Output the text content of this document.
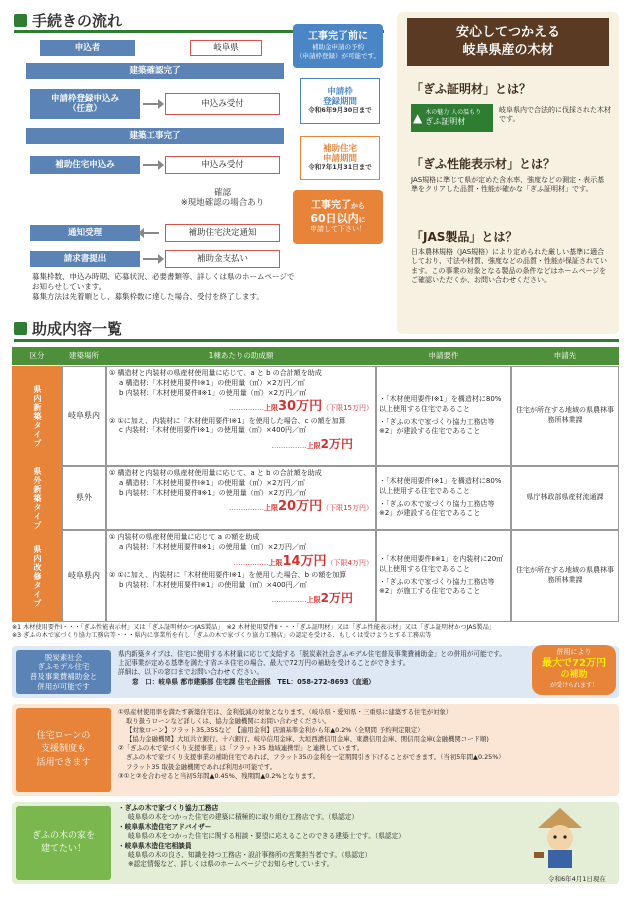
手続きの流れ
申込者	岐阜県
建築確認完了
申請枠登録申込み
（任意）
申込み受付
建築工事完了
補助住宅申込み	申込み受付
確認
※現地確認の場合あり
通知受理	補助住宅決定通知
請求書提出	補助金支払い
工事完了前に
補助金申請の予約
（申請枠登録）が可能です。
申請枠
登録期間
令和6年9月30日まで
補助住宅
申請期間
令和7年1月31日まで
工事完了から
60日以内に
申請して下さい！
募集枠数、申込み時期、応募状況、必要書類等、詳しくは県のホームページで
お知らせしています。
募集方法は先着順とし、募集枠数に達した場合、受付を終了します。
安心してつかえる
岐阜県産の木材
「ぎふ証明材」とは？
▲ 木の魅力 人の温もり
ぎふ証明材
岐阜県内で合法的に伐採された木材です。
「ぎふ性能表示材」とは？
JAS規格に準じて県が定めた含水率、強度などの測定・表示基準をクリアした品質・性能が確かな「ぎふ証明材」です。
「JAS製品」とは？
日本農林規格（JAS規格）により定められた厳しい基準に適合しており、寸法や材質、強度などの品質・性能が保証されています。この事業の対象となる製品の条件などはホームページをご確認いただくか、お問い合わせください。
助成内容一覧
区分	建築場所	1棟あたりの助成額	申請要件	申請先
県内新築タイプ	岐阜県内
① 構造材と内装材の県産材使用量に応じて、a と b の合計額を助成
a 構造材:「木材使用要件Ⅰ※1」の使用量（㎥）×2万円／㎥
b 内装材:「木材使用要件Ⅱ※1」の使用量（㎥）×2万円／㎥
……………上限30万円（下限15万円）
② ①に加え、内装材に「木材使用要件Ⅰ※1」を使用した場合、c の額を加算
c 内装材:「木材使用要件Ⅰ※1」の使用量（㎥）×400円／㎥
……………上限2万円
・「木材使用要件Ⅰ※1」を構造材に80%以上使用する住宅であること
・「ぎふの木で家づくり協力工務店等※2」が建設する住宅であること
住宅が所在する地域の県農林事務所林業課
県外新築タイプ	県外
① 構造材と内装材の県産材使用量に応じて、a と b の合計額を助成
a 構造材:「木材使用要件Ⅰ※1」の使用量（㎥）×2万円／㎥
b 内装材:「木材使用要件Ⅱ※1」の使用量（㎥）×2万円／㎥
……………上限20万円（下限15万円）
・「木材使用要件Ⅰ※1」を構造材に80%以上使用する住宅であること
・「ぎふの木で家づくり協力工務店等※2」が建設する住宅であること
県庁林政部県産材流通課
県内改修タイプ	岐阜県内
① 内装材の県産材使用量に応じて a の額を助成
a 内装材:「木材使用要件Ⅱ※1」の使用量（㎥）×2万円／㎥
……………上限14万円（下限4万円）
② ①に加え、内装材に「木材使用要件Ⅰ※1」を使用した場合、b の額を加算
b 内装材:「木材使用要件Ⅰ※1」の使用量（㎥）×400円／㎥
……………上限2万円
・「木材使用要件Ⅱ※1」を内装材に20㎡以上使用する住宅であること
・「ぎふの木で家づくり協力工務店等※2」が施工する住宅であること
住宅が所在する地域の県農林事務所林業課
※1 木材使用要件Ⅰ・・・「ぎふ性能表示材」又は「ぎふ証明材かつJAS製品」　※2 木材使用要件Ⅱ・・・「ぎふ証明材」又は「ぎふ性能表示材」又は「ぎふ証明材かつJAS製品」
※3 ぎふの木で家づくり協力工務店等・・・県内に事業所を有し「ぎふの木で家づくり協力工務店」の認定を受ける、もしくは受けようとする工務店等
脱炭素社会
ぎふモデル住宅
普及事業費補助金と
併用が可能です
県内新築タイプは、住宅に使用する木材量に応じて支給する「脱炭素社会ぎふモデル住宅普及事業費補助金」との併用が可能です。
上記事業が定める基準を満たす省エネ住宅の場合、最大で72万円の補助を受けることができます。
詳細は、以下の窓口までお問い合わせください。
窓　口：岐阜県 都市建築部 住宅課 住宅企画係　TEL：058-272-8693（直通）
併用により
最大で72万円
の補助
が受けられます！
住宅ローンの
支援制度も
活用できます
①県産材使用率を満たす新築住宅は、金利低減の対象となります。（岐阜県・愛知県・三重県に建築する住宅が対象）
取り扱うローンなど詳しくは、協力金融機関にお問い合わせください。
【対象ローン】フラット35,35Sなど　【適用金利】店頭基準金利から年▲0.2%（全期間 予約判定限定）
【協力金融機関】大垣共立銀行、十六銀行、岐阜信用金庫、大垣西濃信用金庫、東濃信用金庫、関信用金庫(金融機関コード順)
②「ぎふの木で家づくり支援事業」は「フラット35 地域連携型」と連携しています。
ぎふの木で家づくり支援事業の補助住宅であれば、フラット35の金利を一定期間引き下げることができます。（当初5年間▲0.25%）
フラット35 取扱金融機関であれば利用が可能です。
③①と②を合わせると当初5年間▲0.45%、残期間▲0.2%となります。
ぎふの木の家を
建てたい！
・ぎふの木で家づくり協力工務店
岐阜県の木をつかった住宅の建築に積極的に取り組む工務店です。（県認定）
・岐阜県木造住宅アドバイザー
岐阜県の木をつかった住宅に関する相談・要望に応えることのできる建築士です。（県認定）
・岐阜県木造住宅相談員
岐阜県の木の良さ、知識を持つ工務店・設計事務所の営業担当者です。（県認定）
※認定情報など、詳しくは県のホームページでお知らせしています。
令和6年4月1日現在
